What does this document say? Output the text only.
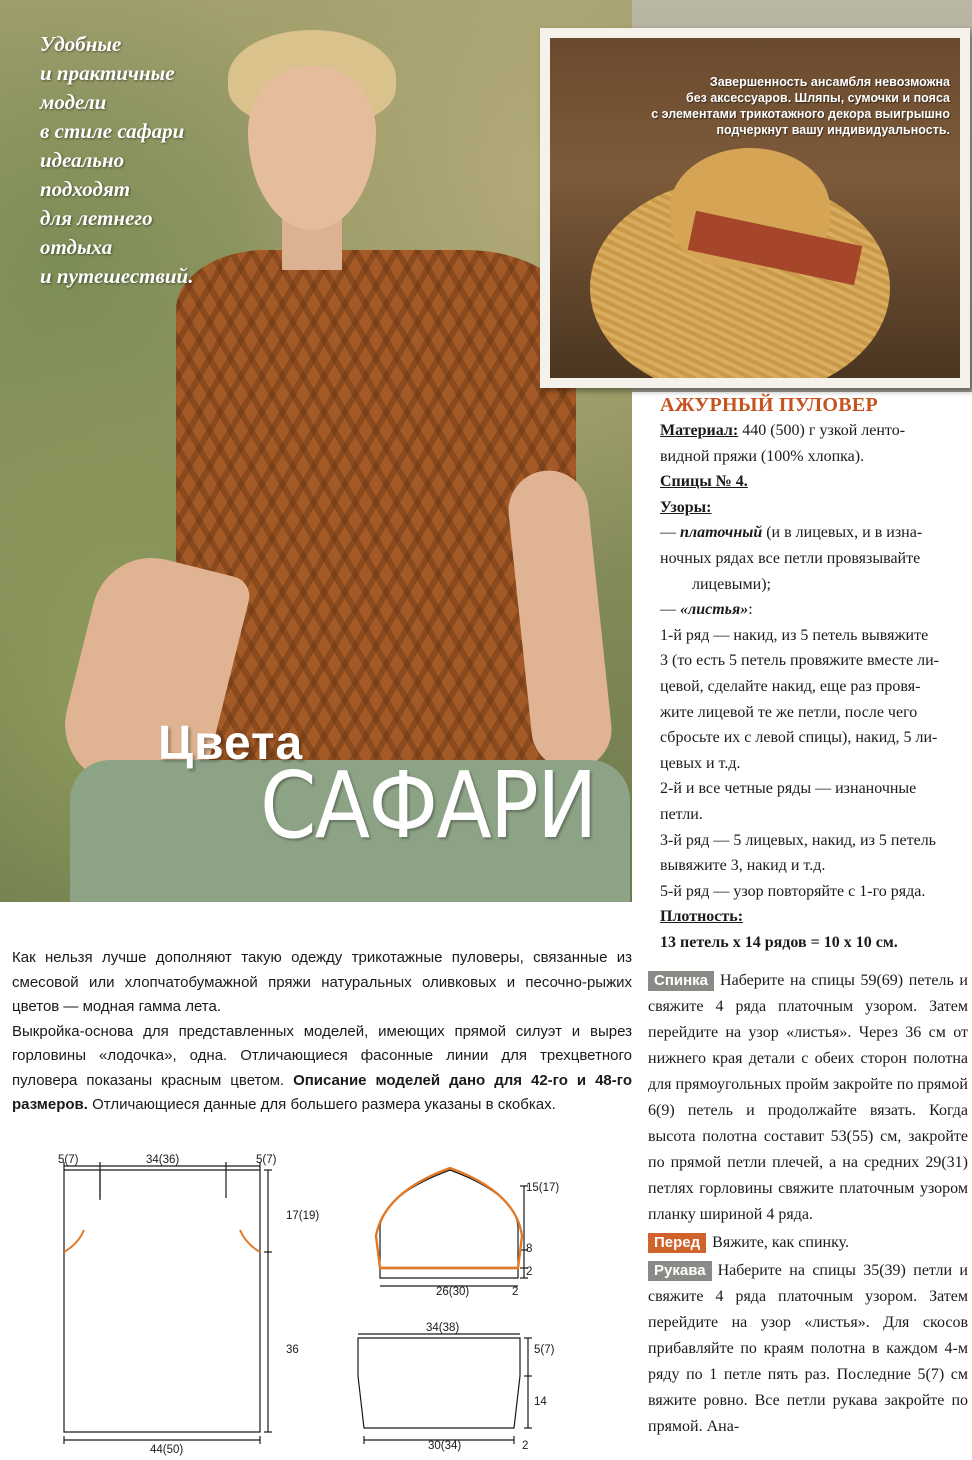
Удобные
и практичные
модели
в стиле сафари
идеально
подходят
для летнего
отдыха
и путешествий.
Цвета
САФАРИ
Завершенность ансамбля невозможна
без аксессуаров. Шляпы, сумочки и пояса
с элементами трикотажного декора выигрышно
подчеркнут вашу индивидуальность.
АЖУРНЫЙ ПУЛОВЕР
Материал: 440 (500) г узкой ленто-
видной пряжи (100% хлопка).
Спицы № 4.
Узоры:
— платочный (и в лицевых, и в изна-
ночных рядах все петли провязывайте
лицевыми);
— «листья»:
1-й ряд — накид, из 5 петель вывяжите
3 (то есть 5 петель провяжите вместе ли-
цевой, сделайте накид, еще раз провя-
жите лицевой те же петли, после чего
сбросьте их с левой спицы), накид, 5 ли-
цевых и т.д.
2-й и все четные ряды — изнаночные
петли.
3-й ряд — 5 лицевых, накид, из 5 петель
вывяжите 3, накид и т.д.
5-й ряд — узор повторяйте с 1-го ряда.
Плотность:
13 петель х 14 рядов = 10 х 10 см.

Спинка Наберите на спицы 59(69) петель и свяжите 4 ряда платочным узором. Затем перейдите на узор «листья». Через 36 см от нижнего края детали с обеих сторон полотна для прямоугольных пройм закройте по прямой 6(9) петель и продолжайте вязать. Когда высота полотна составит 53(55) см, закройте по прямой петли плечей, а на средних 29(31) петлях горловины свяжите платочным узором планку шириной 4 ряда.

Перед Вяжите, как спинку.

Рукава Наберите на спицы 35(39) петли и свяжите 4 ряда платочным узором. Затем перейдите на узор «листья». Для скосов прибавляйте по краям полотна в каждом 4-м ряду по 1 петле пять раз. Последние 5(7) см вяжите ровно. Все петли рукава закройте по прямой. Ана-

Как нельзя лучше дополняют такую одежду трикотажные пуловеры, связанные из смесовой или хлопчатобумажной пряжи натуральных оливковых и песочно-рыжих цветов — модная гамма лета.

Выкройка-основа для представленных моделей, имеющих прямой силуэт и вырез горловины «лодочка», одна. Отличающиеся фасонные линии для трехцветного пуловера показаны красным цветом. Описание моделей дано для 42-го и 48-го размеров. Отличающиеся данные для большего размера указаны в скобках.

5(7)	34(36)	5(7)
17(19)
36
44(50)
15(17)
8
2
26(30)	2
34(38)
5(7)
14
30(34)	2
